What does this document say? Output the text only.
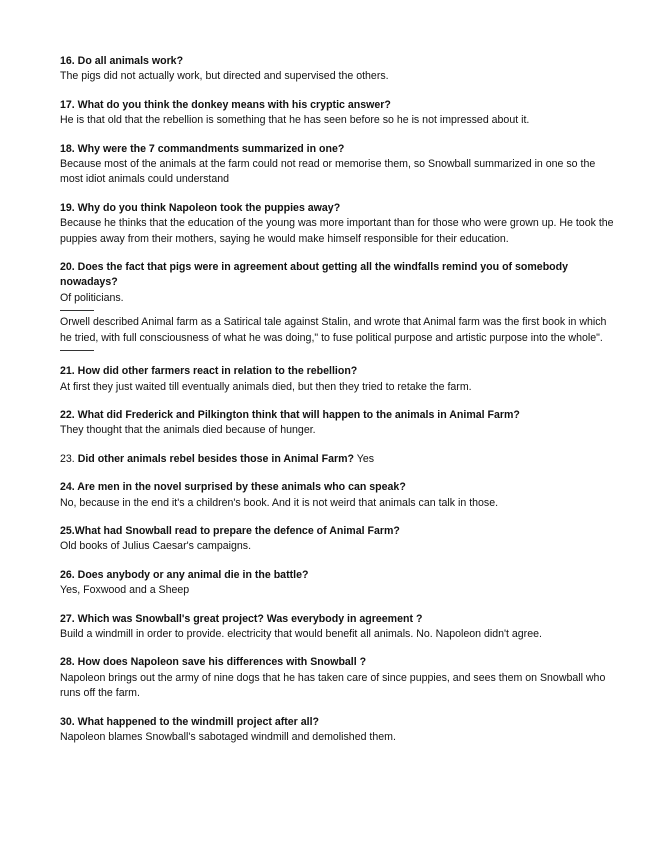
16. Do all animals work?
The pigs did not actually work, but directed and supervised the others.
17. What do you think the donkey means with his cryptic answer?
He is that old that the rebellion is something that he has seen before so he is not impressed about it.
18. Why were the 7 commandments summarized in one?
Because most of the animals at the farm could not read or memorise them, so Snowball summarized in one so the most idiot animals could understand
19. Why do you think Napoleon took the puppies away?
Because he thinks that the education of the young was more important than for those who were grown up. He took the puppies away from their mothers, saying he would make himself responsible for their education.
20. Does the fact that pigs were in agreement about getting all the windfalls remind you of somebody nowadays?
Of politicians.
Orwell described Animal farm as a Satirical tale against Stalin, and wrote that Animal farm was the first book in which he tried, with full consciousness of what he was doing," to fuse political purpose and artistic purpose into the whole".
21. How did other farmers react in relation to the rebellion?
At first they just waited till eventually animals died, but then they tried to retake the farm.
22. What did Frederick and Pilkington think that will happen to the animals in Animal Farm?
They thought that the animals died because of hunger.
23. Did other animals rebel besides those in Animal Farm? Yes
24. Are men in the novel surprised by these animals who can speak?
No, because in the end it's a children's book. And it is not weird that animals can talk in those.
25.What had Snowball read to prepare the defence of Animal Farm?
Old books of Julius Caesar's campaigns.
26. Does anybody or any animal die in the battle?
Yes, Foxwood and a Sheep
27. Which was Snowball's great project? Was everybody in agreement ?
Build a windmill in order to provide. electricity that would benefit all animals. No. Napoleon didn't agree.
28. How does Napoleon save his differences with Snowball ?
Napoleon brings out the army of nine dogs that he has taken care of since puppies, and sees them on Snowball who runs off the farm.
30. What happened to the windmill project after all?
Napoleon blames Snowball's sabotaged windmill and demolished them.
